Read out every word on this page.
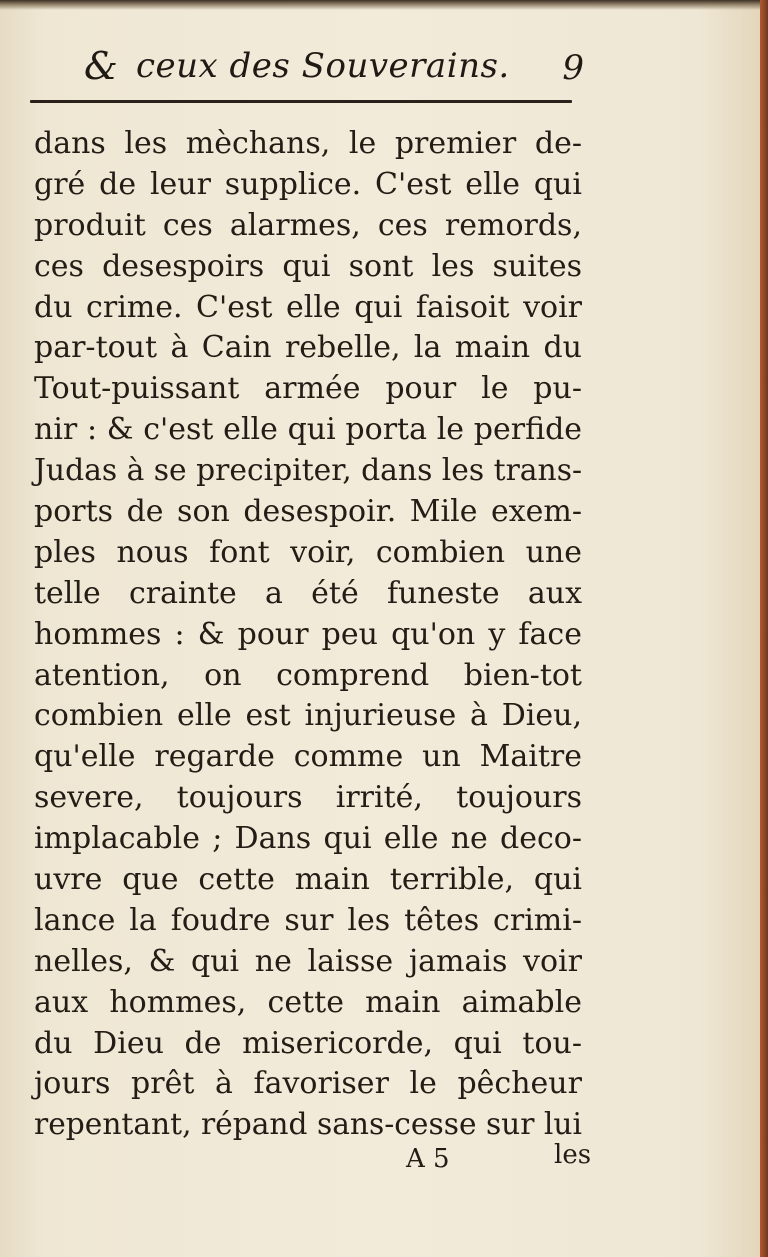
& ceux des Souverains. 9
dans les mèchans, le premier de-
gré de leur supplice. C'est elle qui
produit ces alarmes, ces remords,
ces desespoirs qui sont les suites
du crime. C'est elle qui faisoit voir
par-tout à Cain rebelle, la main du
Tout-puissant armée pour le pu-
nir : & c'est elle qui porta le perfide
Judas à se precipiter, dans les trans-
ports de son desespoir. Mile exem-
ples nous font voir, combien une
telle crainte a été funeste aux
hommes : & pour peu qu'on y face
atention, on comprend bien-tot
combien elle est injurieuse à Dieu,
qu'elle regarde comme un Maitre
severe, toujours irrité, toujours
implacable ; Dans qui elle ne deco-
uvre que cette main terrible, qui
lance la foudre sur les têtes crimi-
nelles, & qui ne laisse jamais voir
aux hommes, cette main aimable
du Dieu de misericorde, qui tou-
jours prêt à favoriser le pêcheur
repentant, répand sans-cesse sur lui
A 5	les
